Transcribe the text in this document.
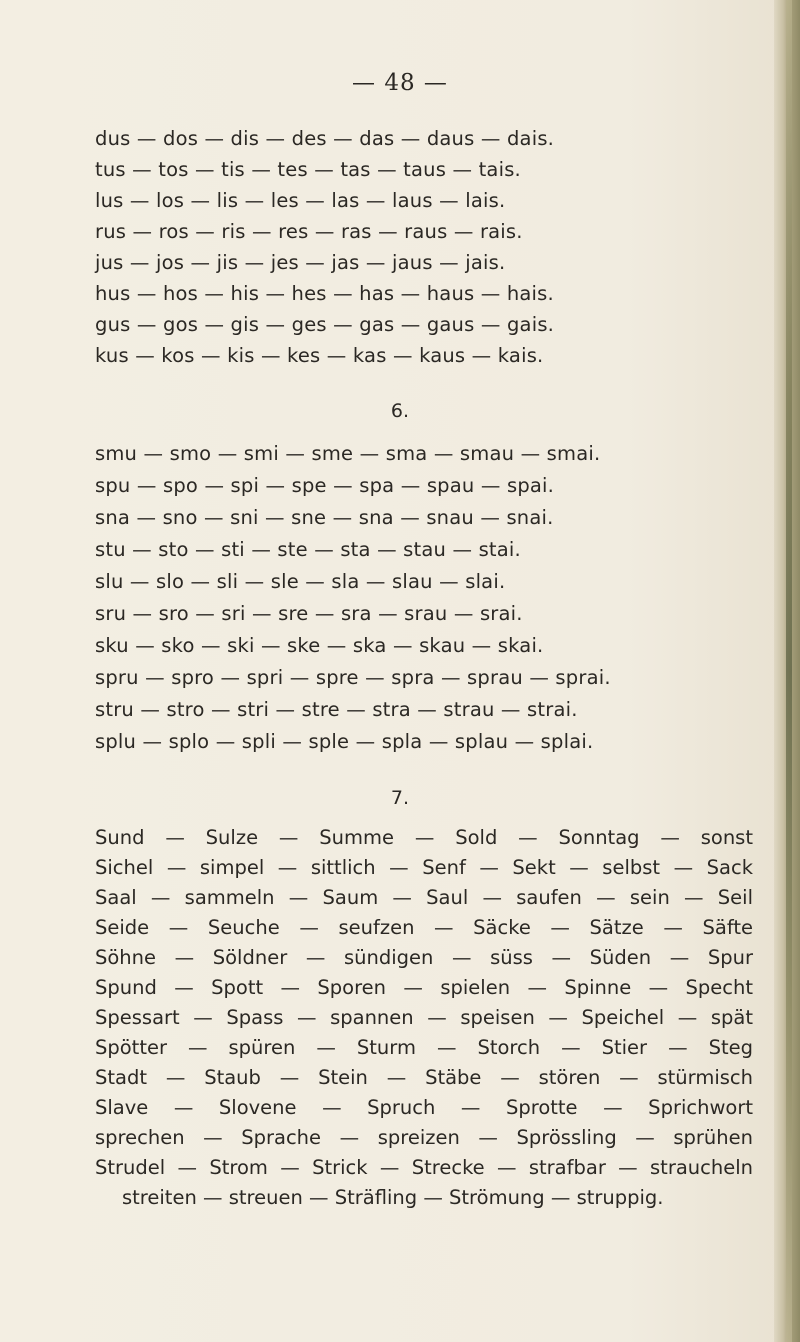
— 48 —
dus — dos — dis — des — das — daus — dais.
tus — tos — tis — tes — tas — taus — tais.
lus — los — lis — les — las — laus — lais.
rus — ros — ris — res — ras — raus — rais.
jus — jos — jis — jes — jas — jaus — jais.
hus — hos — his — hes — has — haus — hais.
gus — gos — gis — ges — gas — gaus — gais.
kus — kos — kis — kes — kas — kaus — kais.
6.
smu — smo — smi — sme — sma — smau — smai.
spu — spo — spi — spe — spa — spau — spai.
sna — sno — sni — sne — sna — snau — snai.
stu — sto — sti — ste — sta — stau — stai.
slu — slo — sli — sle — sla — slau — slai.
sru — sro — sri — sre — sra — srau — srai.
sku — sko — ski — ske — ska — skau — skai.
spru — spro — spri — spre — spra — sprau — sprai.
stru — stro — stri — stre — stra — strau — strai.
splu — splo — spli — sple — spla — splau — splai.
7.
Sund — Sulze — Summe — Sold — Sonntag — sonst
Sichel — simpel — sittlich — Senf — Sekt — selbst — Sack
Saal — sammeln — Saum — Saul — saufen — sein — Seil
Seide — Seuche — seufzen — Säcke — Sätze — Säfte
Söhne — Söldner — sündigen — süss — Süden — Spur
Spund — Spott — Sporen — spielen — Spinne — Specht
Spessart — Spass — spannen — speisen — Speichel — spät
Spötter — spüren — Sturm — Storch — Stier — Steg
Stadt — Staub — Stein — Stäbe — stören — stürmisch
Slave — Slovene — Spruch — Sprotte — Sprichwort
sprechen — Sprache — spreizen — Sprössling — sprühen
Strudel — Strom — Strick — Strecke — strafbar — straucheln
streiten — streuen — Sträfling — Strömung — struppig.
